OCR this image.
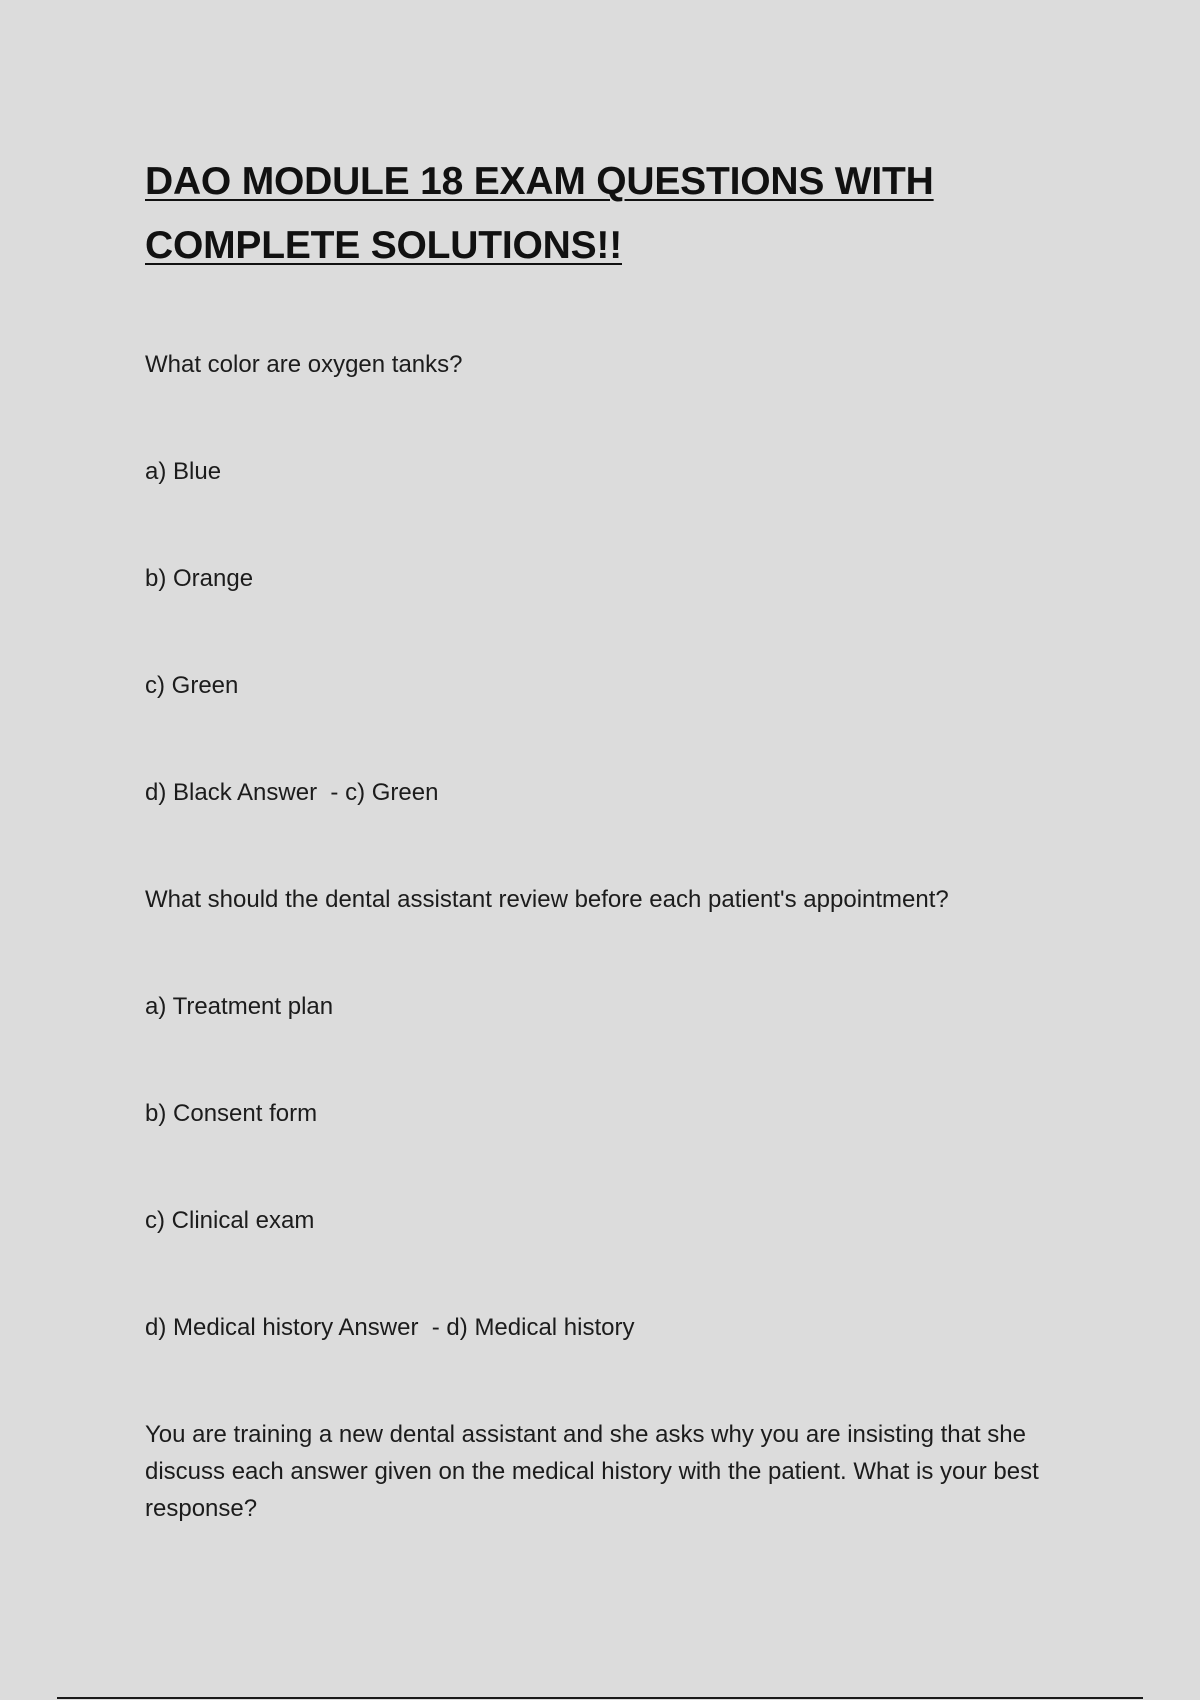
DAO MODULE 18 EXAM QUESTIONS WITH
COMPLETE SOLUTIONS!!

What color are oxygen tanks?

a) Blue

b) Orange

c) Green

d) Black Answer  - c) Green

What should the dental assistant review before each patient's appointment?

a) Treatment plan

b) Consent form

c) Clinical exam

d) Medical history Answer  - d) Medical history

You are training a new dental assistant and she asks why you are insisting that she discuss each answer given on the medical history with the patient. What is your best response?
